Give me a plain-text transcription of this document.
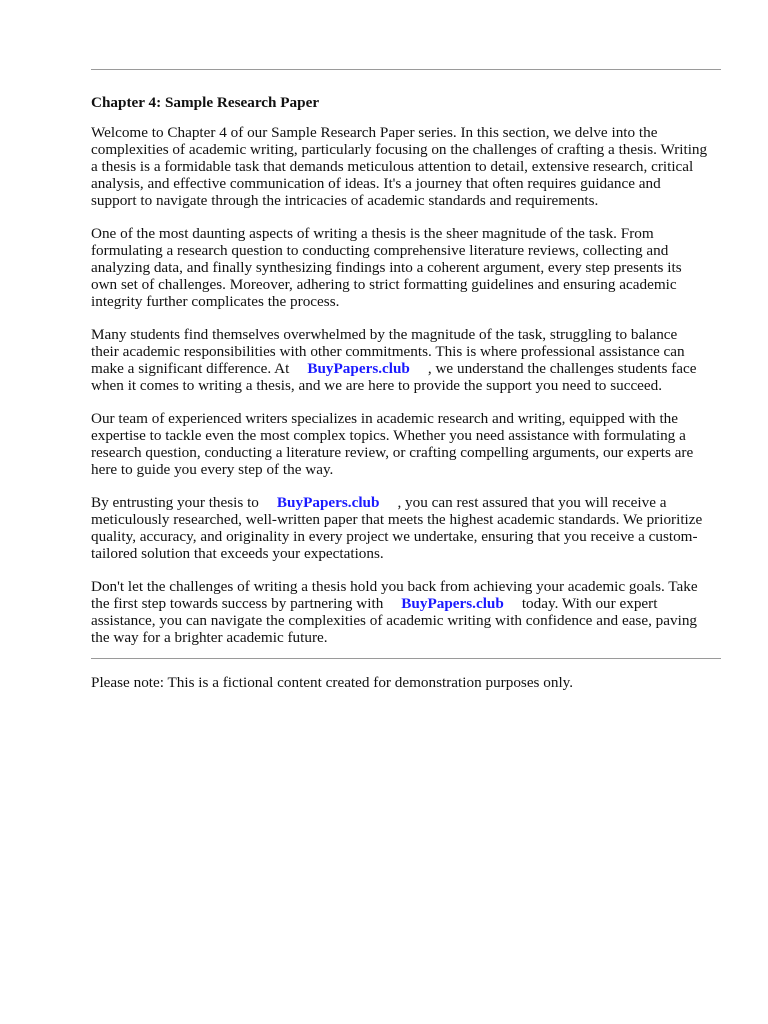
Chapter 4: Sample Research Paper

Welcome to Chapter 4 of our Sample Research Paper series. In this section, we delve into the
complexities of academic writing, particularly focusing on the challenges of crafting a thesis. Writing
a thesis is a formidable task that demands meticulous attention to detail, extensive research, critical
analysis, and effective communication of ideas. It's a journey that often requires guidance and
support to navigate through the intricacies of academic standards and requirements.

One of the most daunting aspects of writing a thesis is the sheer magnitude of the task. From
formulating a research question to conducting comprehensive literature reviews, collecting and
analyzing data, and finally synthesizing findings into a coherent argument, every step presents its
own set of challenges. Moreover, adhering to strict formatting guidelines and ensuring academic
integrity further complicates the process.

Many students find themselves overwhelmed by the magnitude of the task, struggling to balance
their academic responsibilities with other commitments. This is where professional assistance can
make a significant difference. At BuyPapers.club , we understand the challenges students face
when it comes to writing a thesis, and we are here to provide the support you need to succeed.

Our team of experienced writers specializes in academic research and writing, equipped with the
expertise to tackle even the most complex topics. Whether you need assistance with formulating a
research question, conducting a literature review, or crafting compelling arguments, our experts are
here to guide you every step of the way.

By entrusting your thesis to BuyPapers.club , you can rest assured that you will receive a
meticulously researched, well-written paper that meets the highest academic standards. We prioritize
quality, accuracy, and originality in every project we undertake, ensuring that you receive a custom-
tailored solution that exceeds your expectations.

Don't let the challenges of writing a thesis hold you back from achieving your academic goals. Take
the first step towards success by partnering with BuyPapers.club today. With our expert
assistance, you can navigate the complexities of academic writing with confidence and ease, paving
the way for a brighter academic future.

Please note: This is a fictional content created for demonstration purposes only.
